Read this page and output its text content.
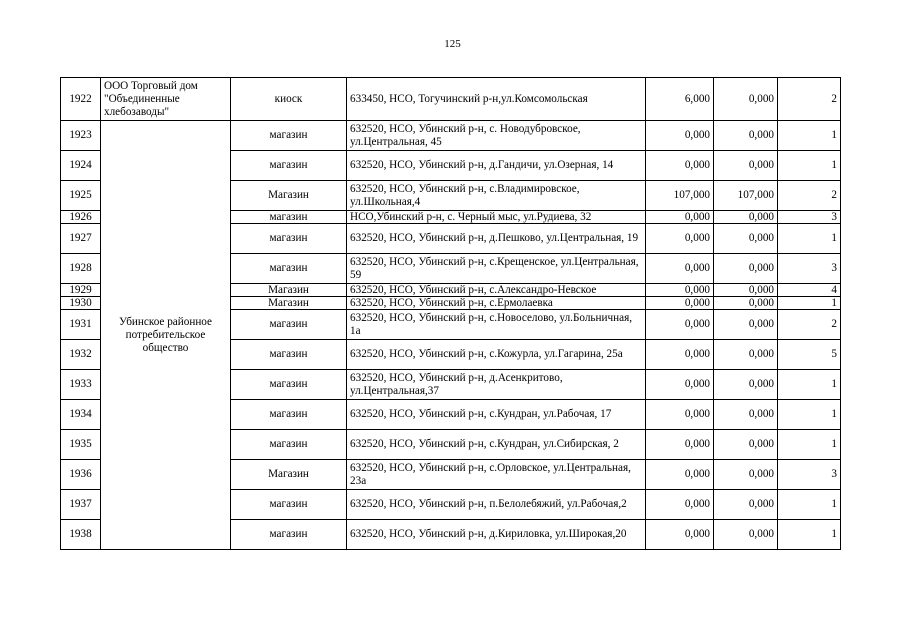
125
1922	ООО Торговый дом "Объединенные хлебозаводы"	киоск	633450, НСО, Тогучинский р-н,ул.Комсомольская	6,000	0,000	2
1923	Убинское районное потребительское общество	магазин	632520, НСО, Убинский р-н, с. Новодубровское, ул.Центральная, 45	0,000	0,000	1
1924		магазин	632520, НСО, Убинский р-н, д.Гандичи, ул.Озерная, 14	0,000	0,000	1
1925		Магазин	632520, НСО, Убинский р-н, с.Владимировское, ул.Школьная,4	107,000	107,000	2
1926		магазин	НСО,Убинский р-н, с. Черный мыс, ул.Рудиева, 32	0,000	0,000	3
1927		магазин	632520, НСО, Убинский р-н, д.Пешково, ул.Центральная, 19	0,000	0,000	1
1928		магазин	632520, НСО, Убинский р-н, с.Крещенское, ул.Центральная, 59	0,000	0,000	3
1929		Магазин	632520, НСО, Убинский р-н, с.Александро-Невское	0,000	0,000	4
1930		Магазин	632520, НСО, Убинский р-н, с.Ермолаевка	0,000	0,000	1
1931		магазин	632520, НСО, Убинский р-н, с.Новоселово, ул.Больничная, 1а	0,000	0,000	2
1932		магазин	632520, НСО, Убинский р-н, с.Кожурла, ул.Гагарина, 25а	0,000	0,000	5
1933		магазин	632520, НСО, Убинский р-н, д.Асенкритово, ул.Центральная,37	0,000	0,000	1
1934		магазин	632520, НСО, Убинский р-н, с.Кундран, ул.Рабочая, 17	0,000	0,000	1
1935		магазин	632520, НСО, Убинский р-н, с.Кундран, ул.Сибирская, 2	0,000	0,000	1
1936		Магазин	632520, НСО, Убинский р-н, с.Орловское, ул.Центральная, 23а	0,000	0,000	3
1937		магазин	632520, НСО, Убинский р-н, п.Белолебяжий, ул.Рабочая,2	0,000	0,000	1
1938		магазин	632520, НСО, Убинский р-н, д.Кириловка, ул.Широкая,20	0,000	0,000	1
